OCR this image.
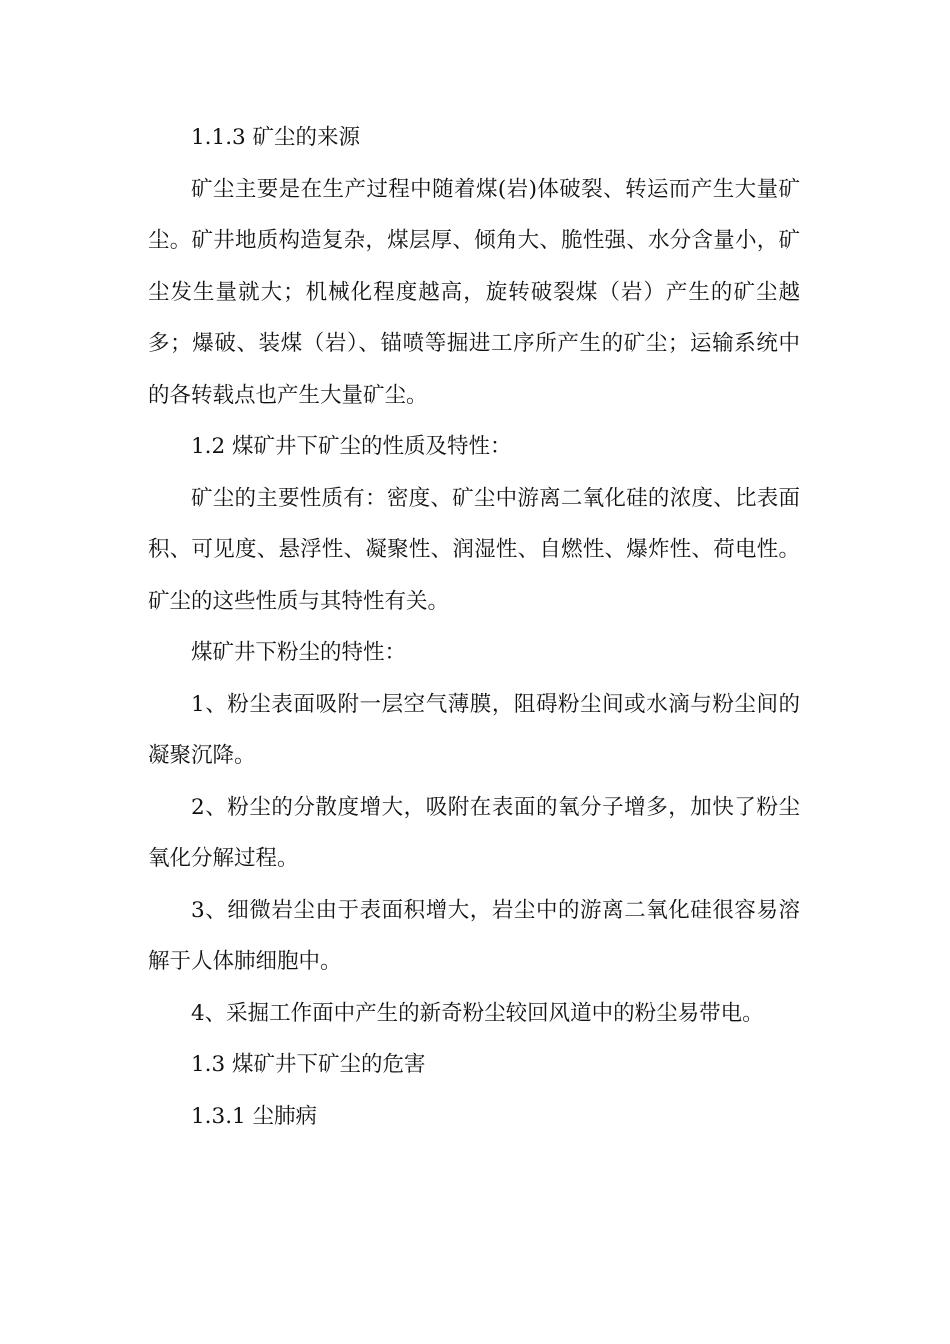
1.1.3 矿尘的来源

矿尘主要是在生产过程中随着煤(岩)体破裂、转运而产生大量矿尘。矿井地质构造复杂，煤层厚、倾角大、脆性强、水分含量小，矿尘发生量就大；机械化程度越高，旋转破裂煤（岩）产生的矿尘越多；爆破、装煤（岩）、锚喷等掘进工序所产生的矿尘；运输系统中的各转载点也产生大量矿尘。

1.2 煤矿井下矿尘的性质及特性：

矿尘的主要性质有：密度、矿尘中游离二氧化硅的浓度、比表面积、可见度、悬浮性、凝聚性、润湿性、自燃性、爆炸性、荷电性。矿尘的这些性质与其特性有关。

煤矿井下粉尘的特性：

1、粉尘表面吸附一层空气薄膜，阻碍粉尘间或水滴与粉尘间的凝聚沉降。

2、粉尘的分散度增大，吸附在表面的氧分子增多，加快了粉尘氧化分解过程。

3、细微岩尘由于表面积增大，岩尘中的游离二氧化硅很容易溶解于人体肺细胞中。

4、采掘工作面中产生的新奇粉尘较回风道中的粉尘易带电。

1.3 煤矿井下矿尘的危害

1.3.1 尘肺病
